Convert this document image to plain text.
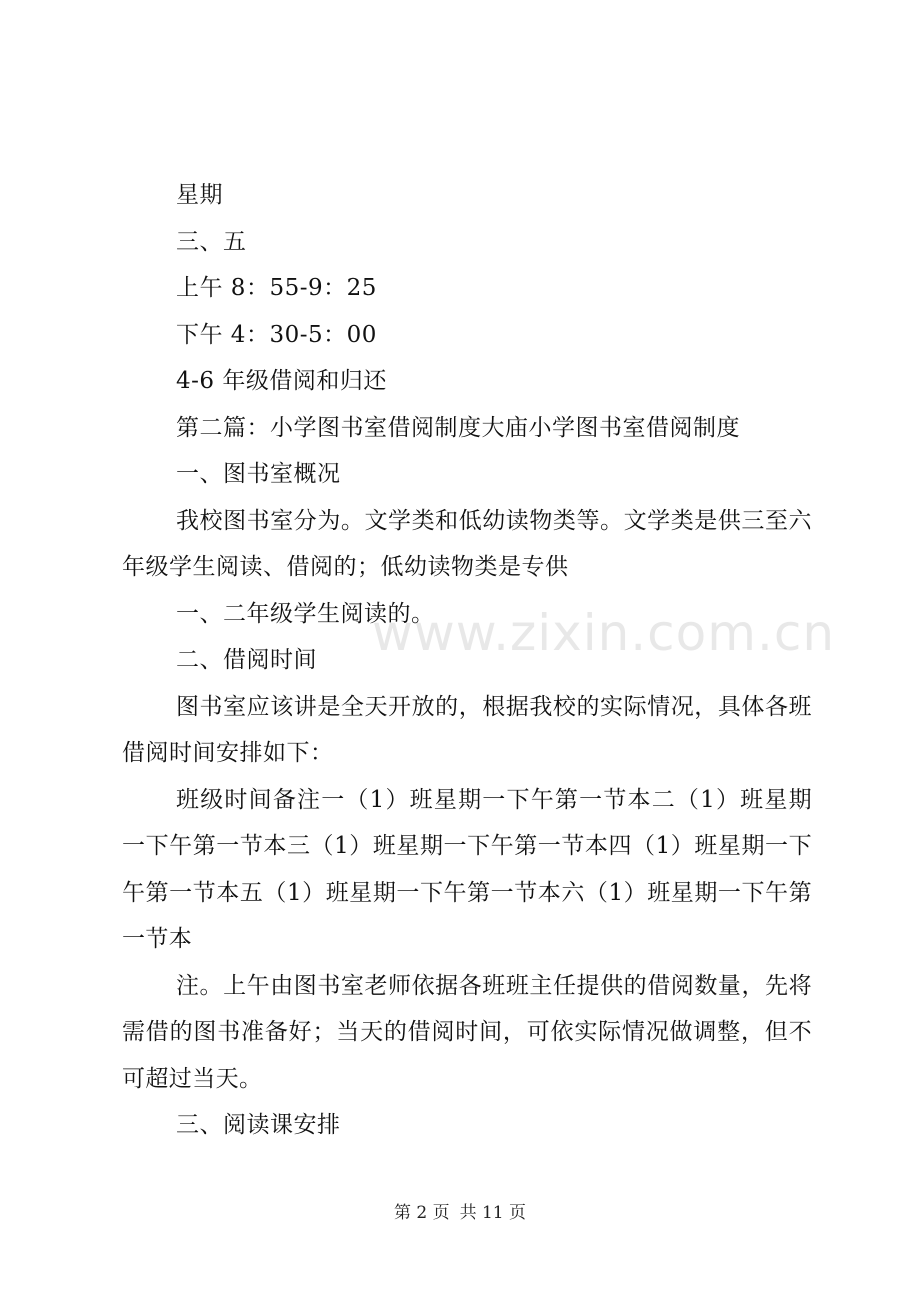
星期
三、五
上午 8：55-9：25
下午 4：30-5：00
4-6 年级借阅和归还
第二篇：小学图书室借阅制度大庙小学图书室借阅制度
一、图书室概况
我校图书室分为。文学类和低幼读物类等。文学类是供三至六年级学生阅读、借阅的；低幼读物类是专供
一、二年级学生阅读的。
二、借阅时间
图书室应该讲是全天开放的，根据我校的实际情况，具体各班借阅时间安排如下：
班级时间备注一（1）班星期一下午第一节本二（1）班星期一下午第一节本三（1）班星期一下午第一节本四（1）班星期一下午第一节本五（1）班星期一下午第一节本六（1）班星期一下午第一节本
注。上午由图书室老师依据各班班主任提供的借阅数量，先将需借的图书准备好；当天的借阅时间，可依实际情况做调整，但不可超过当天。
三、阅读课安排
www.zixin.com.cn
第 2 页 共 11 页
